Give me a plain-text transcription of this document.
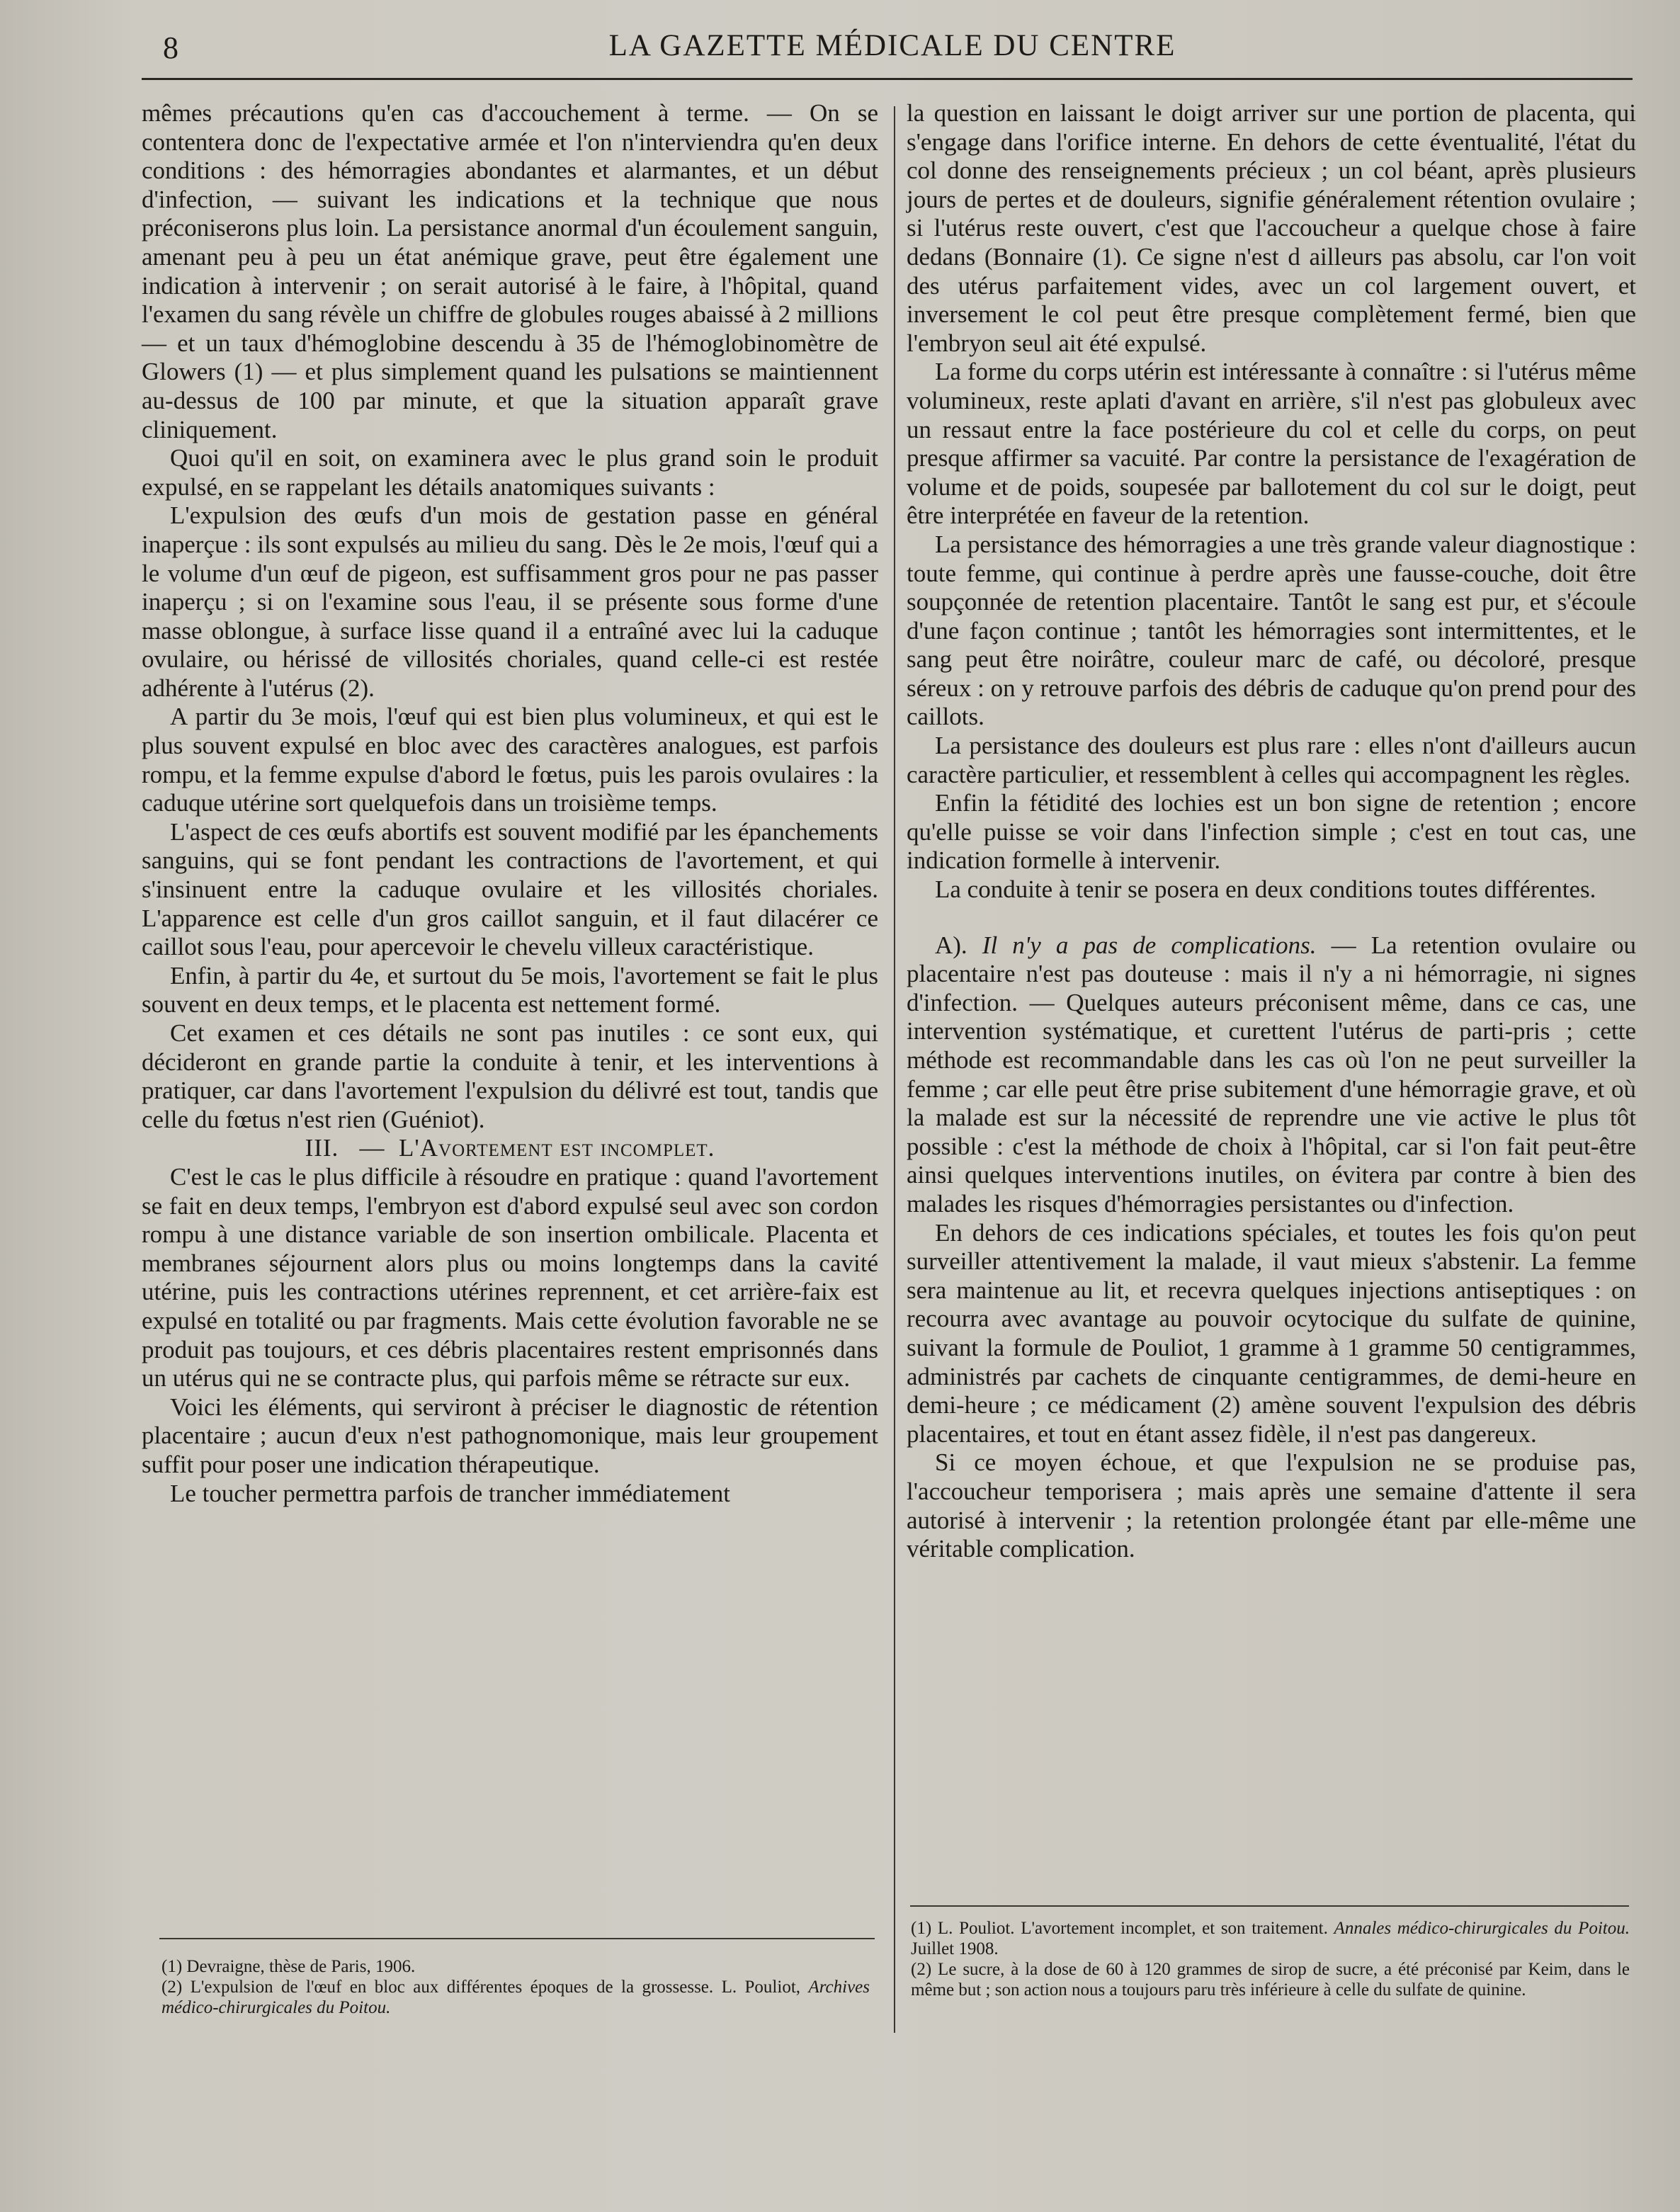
8	LA GAZETTE MÉDICALE DU CENTRE

mêmes précautions qu'en cas d'accouchement à terme. — On se contentera donc de l'expectative armée et l'on n'interviendra qu'en deux conditions : des hémorragies abondantes et alarmantes, et un début d'infection, — suivant les indications et la technique que nous préconiserons plus loin. La persistance anormal d'un écoulement sanguin, amenant peu à peu un état anémique grave, peut être également une indication à intervenir ; on serait autorisé à le faire, à l'hôpital, quand l'examen du sang révèle un chiffre de globules rouges abaissé à 2 millions — et un taux d'hémoglobine descendu à 35 de l'hémoglobinomètre de Glowers (1) — et plus simplement quand les pulsations se maintiennent au-dessus de 100 par minute, et que la situation apparaît grave cliniquement.

Quoi qu'il en soit, on examinera avec le plus grand soin le produit expulsé, en se rappelant les détails anatomiques suivants :

L'expulsion des œufs d'un mois de gestation passe en général inaperçue : ils sont expulsés au milieu du sang. Dès le 2e mois, l'œuf qui a le volume d'un œuf de pigeon, est suffisamment gros pour ne pas passer inaperçu ; si on l'examine sous l'eau, il se présente sous forme d'une masse oblongue, à surface lisse quand il a entraîné avec lui la caduque ovulaire, ou hérissé de villosités choriales, quand celle-ci est restée adhérente à l'utérus (2).

A partir du 3e mois, l'œuf qui est bien plus volumineux, et qui est le plus souvent expulsé en bloc avec des caractères analogues, est parfois rompu, et la femme expulse d'abord le fœtus, puis les parois ovulaires : la caduque utérine sort quelquefois dans un troisième temps.

L'aspect de ces œufs abortifs est souvent modifié par les épanchements sanguins, qui se font pendant les contractions de l'avortement, et qui s'insinuent entre la caduque ovulaire et les villosités choriales. L'apparence est celle d'un gros caillot sanguin, et il faut dilacérer ce caillot sous l'eau, pour apercevoir le chevelu villeux caractéristique.

Enfin, à partir du 4e, et surtout du 5e mois, l'avortement se fait le plus souvent en deux temps, et le placenta est nettement formé.

Cet examen et ces détails ne sont pas inutiles : ce sont eux, qui décideront en grande partie la conduite à tenir, et les interventions à pratiquer, car dans l'avortement l'expulsion du délivré est tout, tandis que celle du fœtus n'est rien (Guéniot).

III. — L'Avortement est incomplet.

C'est le cas le plus difficile à résoudre en pratique : quand l'avortement se fait en deux temps, l'embryon est d'abord expulsé seul avec son cordon rompu à une distance variable de son insertion ombilicale. Placenta et membranes séjournent alors plus ou moins longtemps dans la cavité utérine, puis les contractions utérines reprennent, et cet arrière-faix est expulsé en totalité ou par fragments. Mais cette évolution favorable ne se produit pas toujours, et ces débris placentaires restent emprisonnés dans un utérus qui ne se contracte plus, qui parfois même se rétracte sur eux.

Voici les éléments, qui serviront à préciser le diagnostic de rétention placentaire ; aucun d'eux n'est pathognomonique, mais leur groupement suffit pour poser une indication thérapeutique.

Le toucher permettra parfois de trancher immédiatement

la question en laissant le doigt arriver sur une portion de placenta, qui s'engage dans l'orifice interne. En dehors de cette éventualité, l'état du col donne des renseignements précieux ; un col béant, après plusieurs jours de pertes et de douleurs, signifie généralement rétention ovulaire ; si l'utérus reste ouvert, c'est que l'accoucheur a quelque chose à faire dedans (Bonnaire (1). Ce signe n'est d ailleurs pas absolu, car l'on voit des utérus parfaitement vides, avec un col largement ouvert, et inversement le col peut être presque complètement fermé, bien que l'embryon seul ait été expulsé.

La forme du corps utérin est intéressante à connaître : si l'utérus même volumineux, reste aplati d'avant en arrière, s'il n'est pas globuleux avec un ressaut entre la face postérieure du col et celle du corps, on peut presque affirmer sa vacuité. Par contre la persistance de l'exagération de volume et de poids, soupesée par ballotement du col sur le doigt, peut être interprétée en faveur de la retention.

La persistance des hémorragies a une très grande valeur diagnostique : toute femme, qui continue à perdre après une fausse-couche, doit être soupçonnée de retention placentaire. Tantôt le sang est pur, et s'écoule d'une façon continue ; tantôt les hémorragies sont intermittentes, et le sang peut être noirâtre, couleur marc de café, ou décoloré, presque séreux : on y retrouve parfois des débris de caduque qu'on prend pour des caillots.

La persistance des douleurs est plus rare : elles n'ont d'ailleurs aucun caractère particulier, et ressemblent à celles qui accompagnent les règles.

Enfin la fétidité des lochies est un bon signe de retention ; encore qu'elle puisse se voir dans l'infection simple ; c'est en tout cas, une indication formelle à intervenir.

La conduite à tenir se posera en deux conditions toutes différentes.

A). Il n'y a pas de complications. — La retention ovulaire ou placentaire n'est pas douteuse : mais il n'y a ni hémorragie, ni signes d'infection. — Quelques auteurs préconisent même, dans ce cas, une intervention systématique, et curettent l'utérus de parti-pris ; cette méthode est recommandable dans les cas où l'on ne peut surveiller la femme ; car elle peut être prise subitement d'une hémorragie grave, et où la malade est sur la nécessité de reprendre une vie active le plus tôt possible : c'est la méthode de choix à l'hôpital, car si l'on fait peut-être ainsi quelques interventions inutiles, on évitera par contre à bien des malades les risques d'hémorragies persistantes ou d'infection.

En dehors de ces indications spéciales, et toutes les fois qu'on peut surveiller attentivement la malade, il vaut mieux s'abstenir. La femme sera maintenue au lit, et recevra quelques injections antiseptiques : on recourra avec avantage au pouvoir ocytocique du sulfate de quinine, suivant la formule de Pouliot, 1 gramme à 1 gramme 50 centigrammes, administrés par cachets de cinquante centigrammes, de demi-heure en demi-heure ; ce médicament (2) amène souvent l'expulsion des débris placentaires, et tout en étant assez fidèle, il n'est pas dangereux.

Si ce moyen échoue, et que l'expulsion ne se produise pas, l'accoucheur temporisera ; mais après une semaine d'attente il sera autorisé à intervenir ; la retention prolongée étant par elle-même une véritable complication.

(1) Devraigne, thèse de Paris, 1906.

(2) L'expulsion de l'œuf en bloc aux différentes époques de la grossesse. L. Pouliot, Archives médico-chirurgicales du Poitou.

(1) L. Pouliot. L'avortement incomplet, et son traitement. Annales médico-chirurgicales du Poitou. Juillet 1908.

(2) Le sucre, à la dose de 60 à 120 grammes de sirop de sucre, a été préconisé par Keim, dans le même but ; son action nous a toujours paru très inférieure à celle du sulfate de quinine.
